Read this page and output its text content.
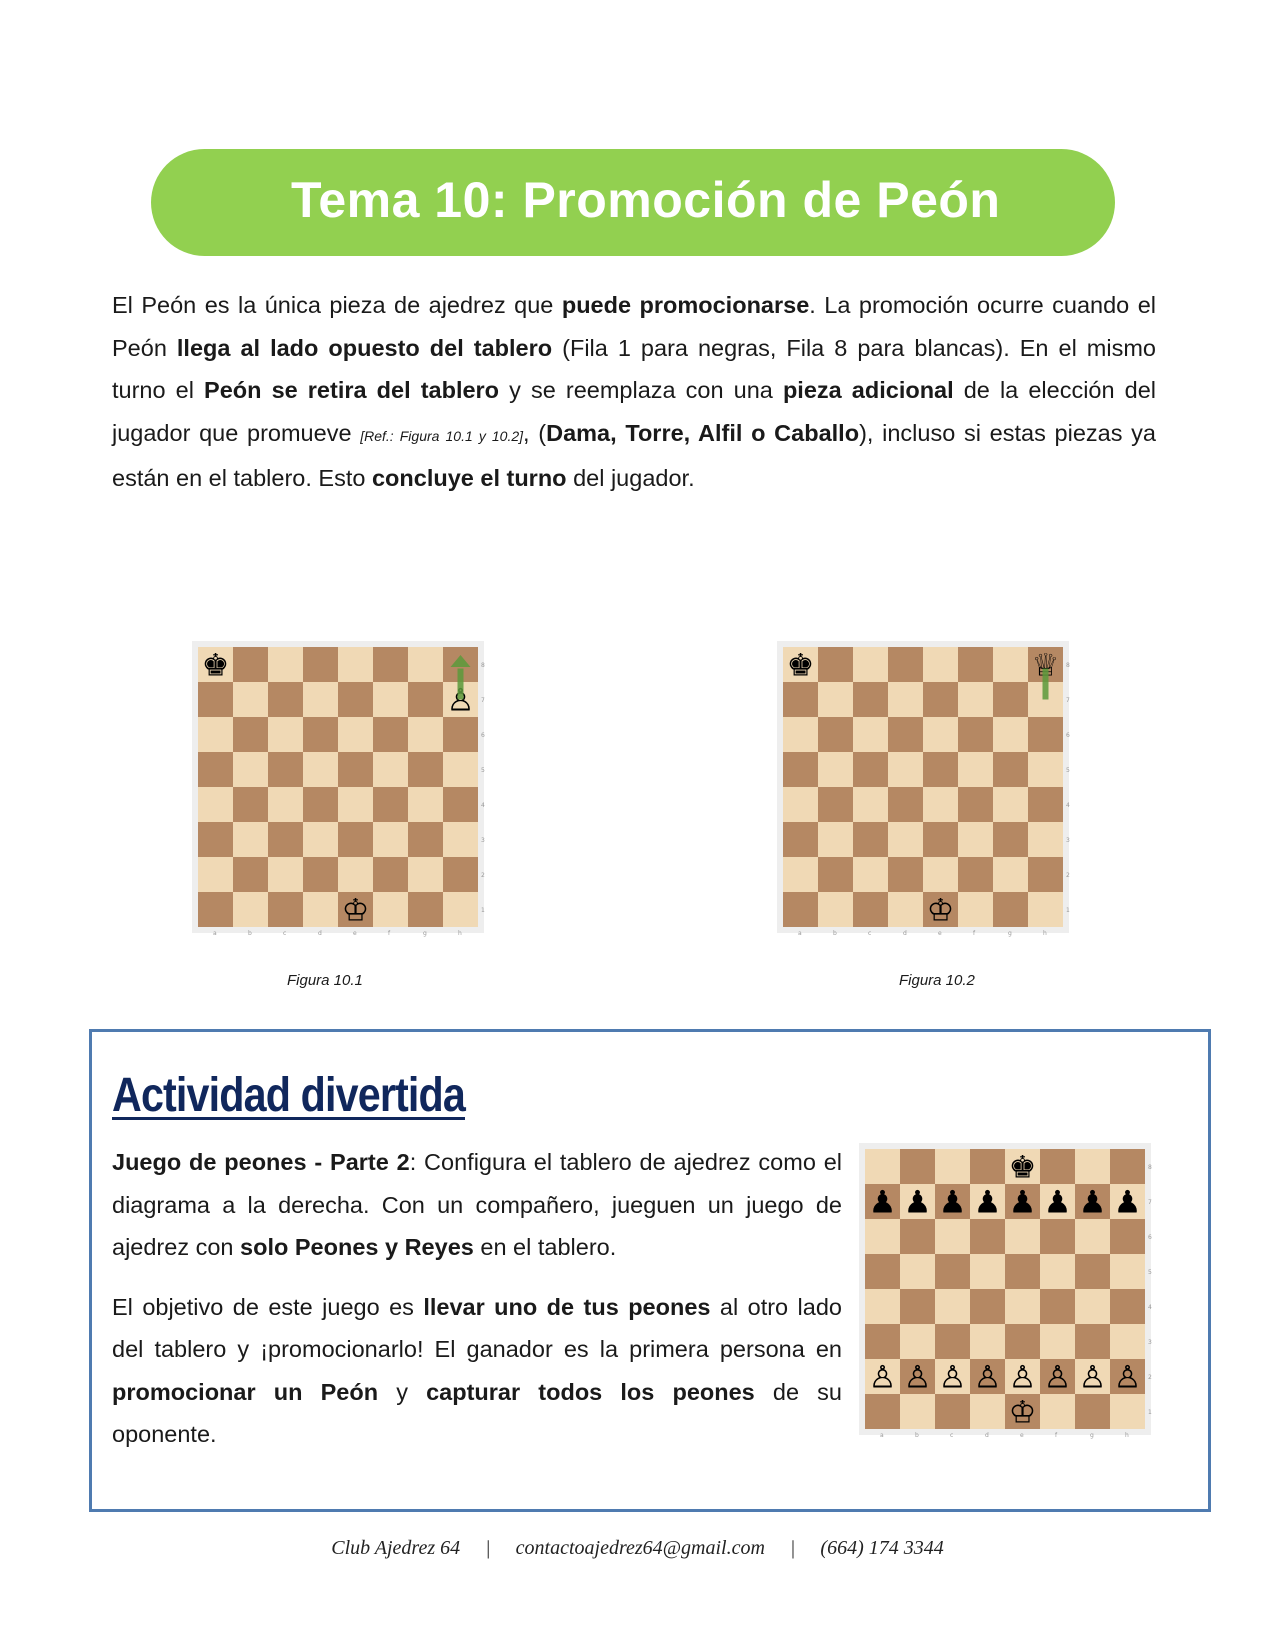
Tema 10: Promoción de Peón
El Peón es la única pieza de ajedrez que puede promocionarse. La promoción ocurre cuando el Peón llega al lado opuesto del tablero (Fila 1 para negras, Fila 8 para blancas). En el mismo turno el Peón se retira del tablero y se reemplaza con una pieza adicional de la elección del jugador que promueve [Ref.: Figura 10.1 y 10.2], (Dama, Torre, Alfil o Caballo), incluso si estas piezas ya están en el tablero. Esto concluye el turno del jugador.
8
7
6
5
4
3
2
1
a	b	c	d	e	f	g	h
♚
♙
♔
Figura 10.1
8
7
6
5
4
3
2
1
a	b	c	d	e	f	g	h
♚	♕
♔
Figura 10.2
Actividad divertida

Juego de peones - Parte 2: Configura el tablero de ajedrez como el diagrama a la derecha. Con un compañero, jueguen un juego de ajedrez con solo Peones y Reyes en el tablero.

El objetivo de este juego es llevar uno de tus peones al otro lado del tablero y ¡promocionarlo! El ganador es la primera persona en promocionar un Peón y capturar todos los peones de su oponente.

8
7
6
5
4
3
2
1
a	b	c	d	e	f	g	h
♚
♔
♟
♙
♟
♙
♟
♙
♟
♙
♟
♙
♟
♙
♟
♙
♟
♙
Club Ajedrez 64 | contactoajedrez64@gmail.com | (664) 174 3344
